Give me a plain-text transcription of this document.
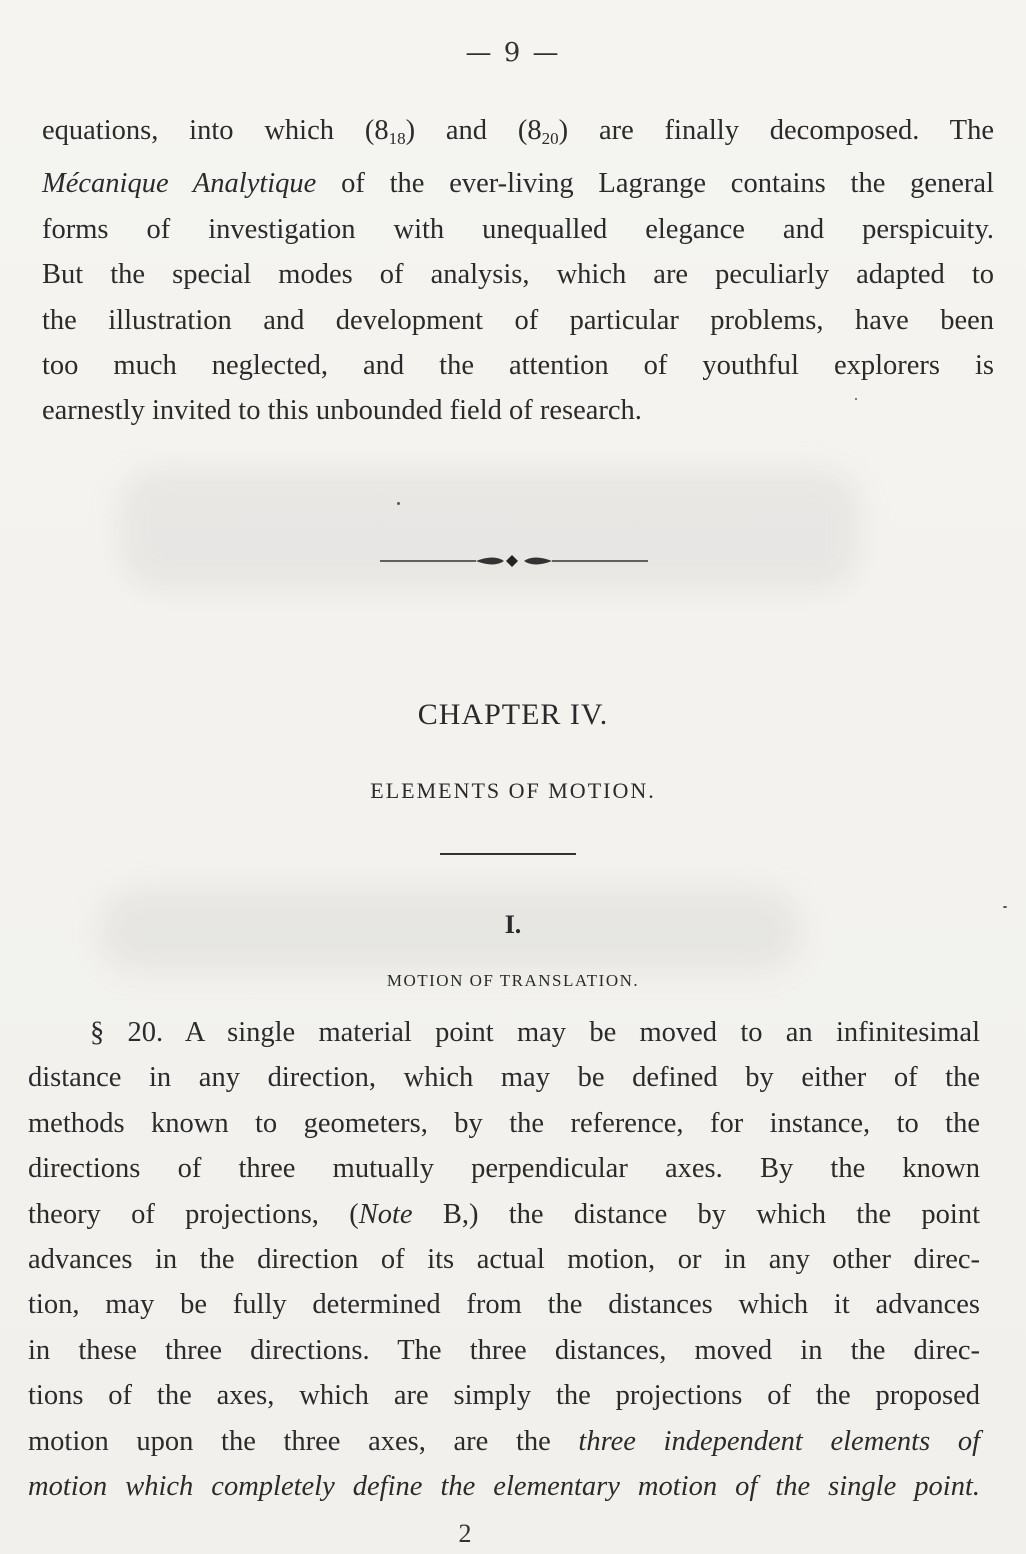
— 9 —
equations, into which $(8_{18})$ and $(8_{20})$ are finally decomposed. The
Mécanique Analytique of the ever-living Lagrange contains the general
forms of investigation with unequalled elegance and perspicuity.
But the special modes of analysis, which are peculiarly adapted to
the illustration and development of particular problems, have been
too much neglected, and the attention of youthful explorers is
earnestly invited to this unbounded field of research.
CHAPTER IV.
ELEMENTS OF MOTION.
I.
MOTION OF TRANSLATION.
§ 20. A single material point may be moved to an infinitesimal
distance in any direction, which may be defined by either of the
methods known to geometers, by the reference, for instance, to the
directions of three mutually perpendicular axes. By the known
theory of projections, (Note B,) the distance by which the point
advances in the direction of its actual motion, or in any other direc-
tion, may be fully determined from the distances which it advances
in these three directions. The three distances, moved in the direc-
tions of the axes, which are simply the projections of the proposed
motion upon the three axes, are the three independent elements of
motion which completely define the elementary motion of the single point.
2
